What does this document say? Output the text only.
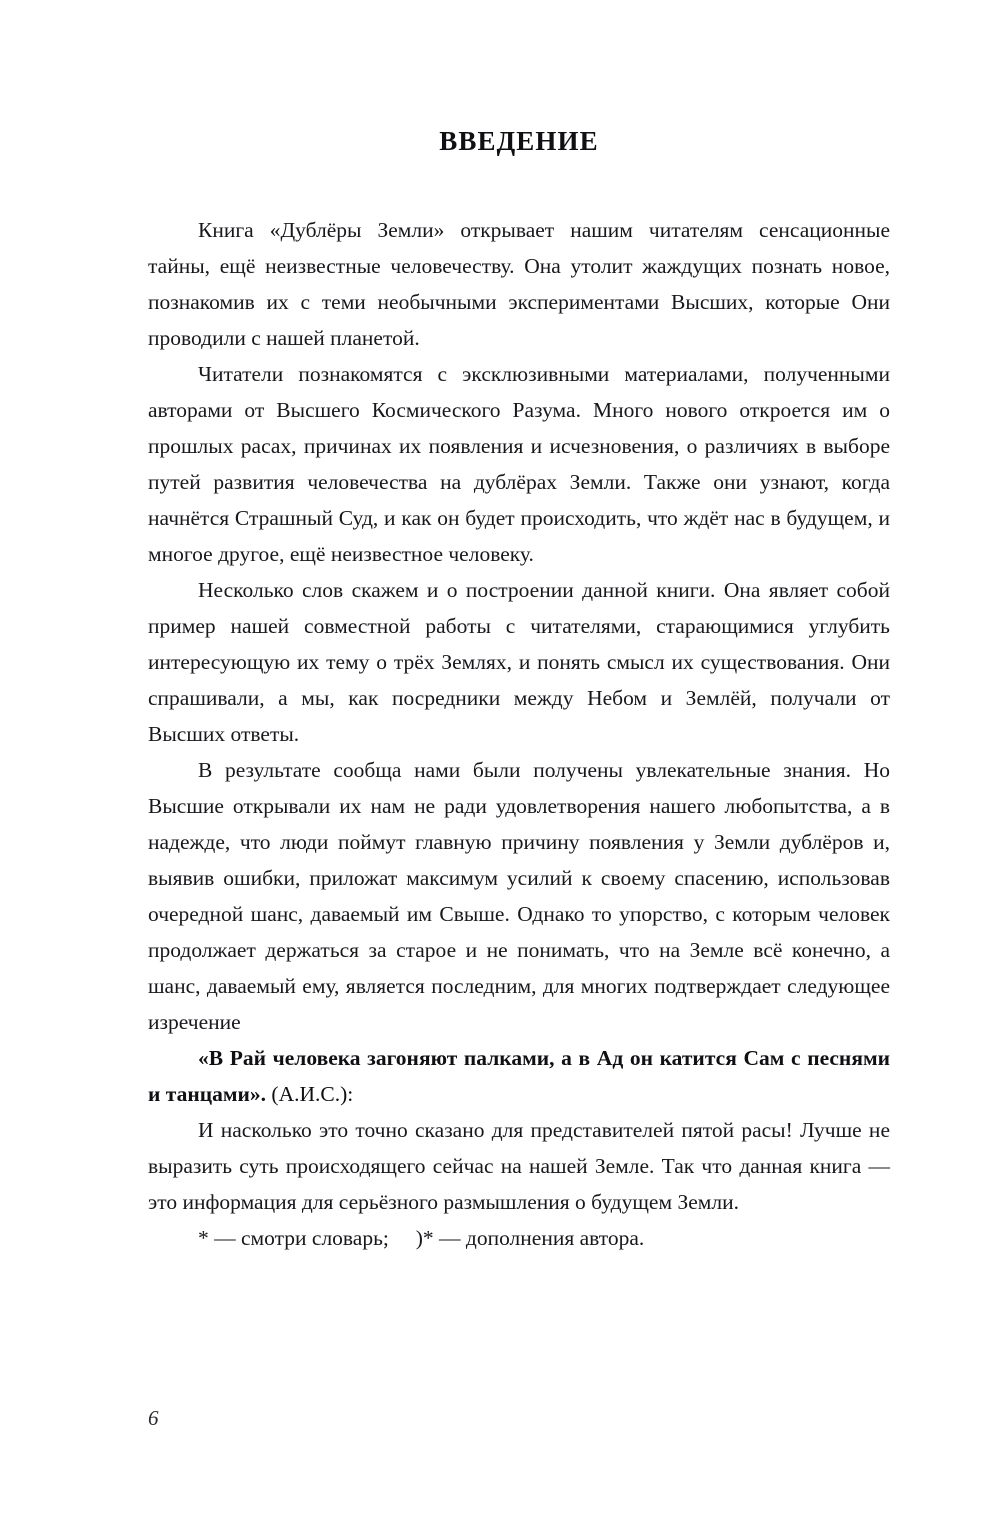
ВВЕДЕНИЕ

Книга «Дублёры Земли» открывает нашим читателям сенсационные тайны, ещё неизвестные человечеству. Она утолит жаждущих познать новое, познакомив их с теми необычными экспериментами Высших, которые Они проводили с нашей планетой.

Читатели познакомятся с эксклюзивными материалами, полученными авторами от Высшего Космического Разума. Много нового откроется им о прошлых расах, причинах их появления и исчезновения, о различиях в выборе путей развития человечества на дублёрах Земли. Также они узнают, когда начнётся Страшный Суд, и как он будет происходить, что ждёт нас в будущем, и многое другое, ещё неизвестное человеку.

Несколько слов скажем и о построении данной книги. Она являет собой пример нашей совместной работы с читателями, старающимися углубить интересующую их тему о трёх Землях, и понять смысл их существования. Они спрашивали, а мы, как посредники между Небом и Землёй, получали от Высших ответы.

В результате сообща нами были получены увлекательные знания. Но Высшие открывали их нам не ради удовлетворения нашего любопытства, а в надежде, что люди поймут главную причину появления у Земли дублёров и, выявив ошибки, приложат максимум усилий к своему спасению, использовав очередной шанс, даваемый им Свыше. Однако то упорство, с которым человек продолжает держаться за старое и не понимать, что на Земле всё конечно, а шанс, даваемый ему, является последним, для многих подтверждает следующее изречение

«В Рай человека загоняют палками, а в Ад он катится Сам с песнями и танцами». (А.И.С.):

И насколько это точно сказано для представителей пятой расы! Лучше не выразить суть происходящего сейчас на нашей Земле. Так что данная книга — это информация для серьёзного размышления о будущем Земли.

* — смотри словарь;     )* — дополнения автора.

6
